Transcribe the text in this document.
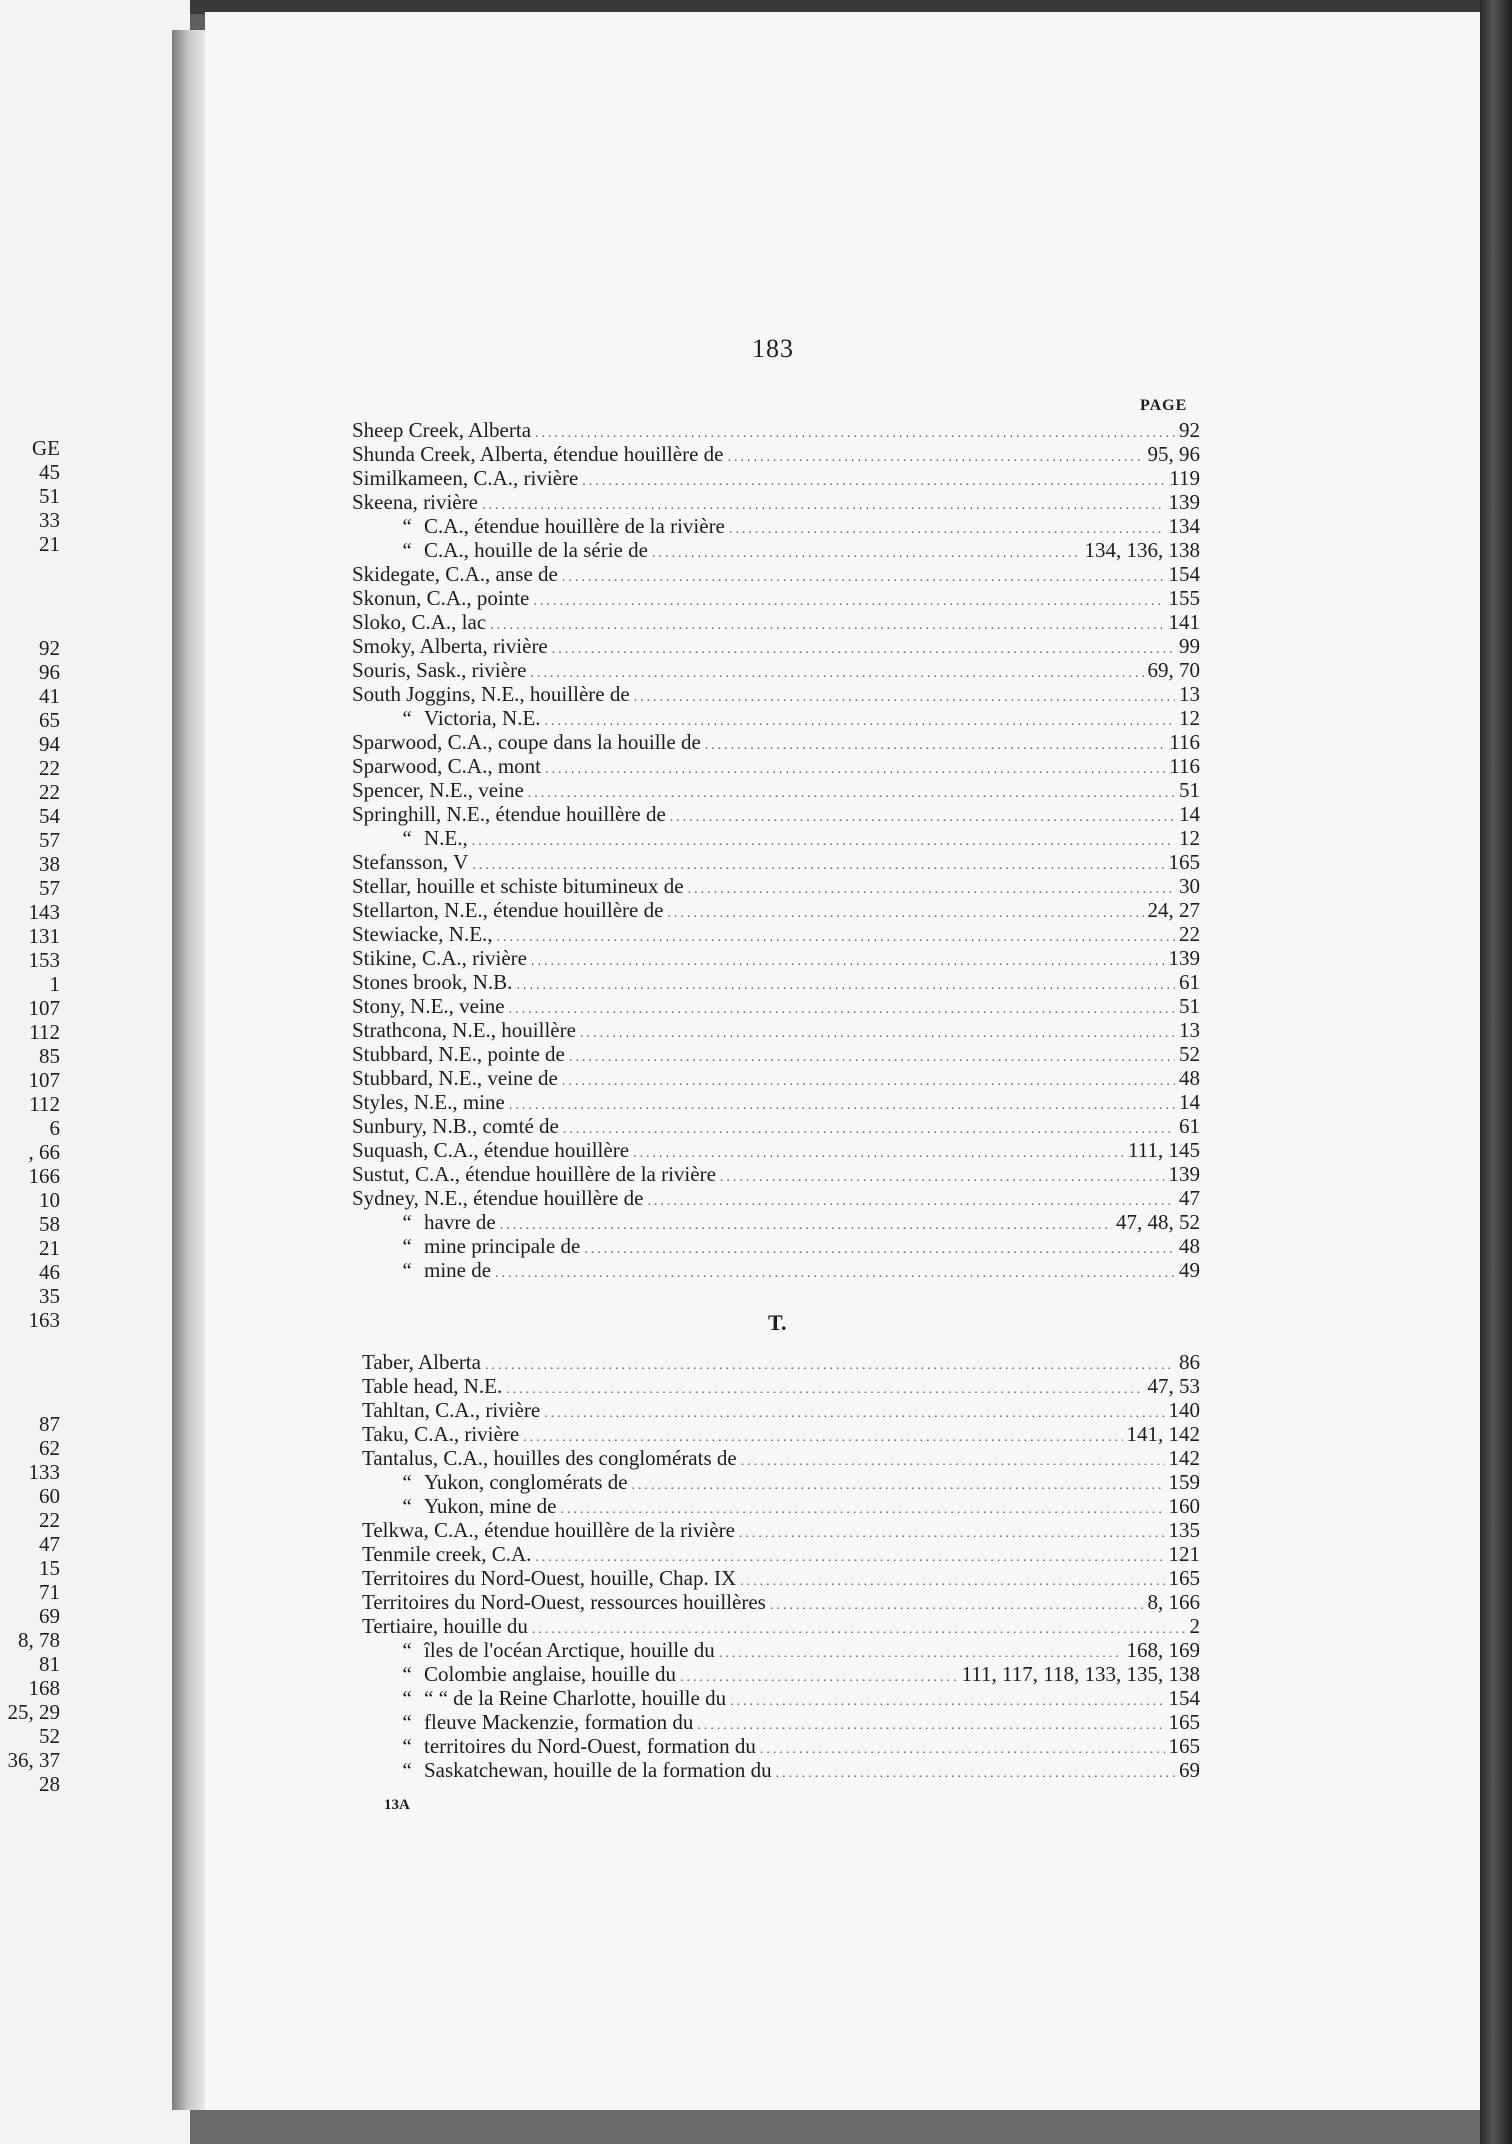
GE
45
51
33
21
92
96
41
65
94
22
22
54
57
38
57
143
131
153
1
107
112
85
107
112
6
, 66
166
10
58
21
46
35
163
87
62
133
60
22
47
15
71
69
8, 78
81
168
25, 29
52
36, 37
28
183
PAGE
Sheep Creek, Alberta .....	92
Shunda Creek, Alberta, étendue houillère de .....	95, 96
Similkameen, C.A., rivière .....	119
Skeena, rivière .....	139
“ C.A., étendue houillère de la rivière .....	134
“ C.A., houille de la série de .....	134, 136, 138
Skidegate, C.A., anse de .....	154
Skonun, C.A., pointe .....	155
Sloko, C.A., lac .....	141
Smoky, Alberta, rivière .....	99
Souris, Sask., rivière .....	69, 70
South Joggins, N.E., houillère de .....	13
“ Victoria, N.E. .....	12
Sparwood, C.A., coupe dans la houille de .....	116
Sparwood, C.A., mont .....	116
Spencer, N.E., veine .....	51
Springhill, N.E., étendue houillère de .....	14
“ N.E., .....	12
Stefansson, V .....	165
Stellar, houille et schiste bitumineux de .....	30
Stellarton, N.E., étendue houillère de .....	24, 27
Stewiacke, N.E., .....	22
Stikine, C.A., rivière .....	139
Stones brook, N.B. .....	61
Stony, N.E., veine .....	51
Strathcona, N.E., houillère .....	13
Stubbard, N.E., pointe de .....	52
Stubbard, N.E., veine de .....	48
Styles, N.E., mine .....	14
Sunbury, N.B., comté de .....	61
Suquash, C.A., étendue houillère .....	111, 145
Sustut, C.A., étendue houillère de la rivière .....	139
Sydney, N.E., étendue houillère de .....	47
“ havre de .....	47, 48, 52
“ mine principale de .....	48
“ mine de .....	49
T.
Taber, Alberta .....	86
Table head, N.E. .....	47, 53
Tahltan, C.A., rivière .....	140
Taku, C.A., rivière .....	141, 142
Tantalus, C.A., houilles des conglomérats de .....	142
“ Yukon, conglomérats de .....	159
“ Yukon, mine de .....	160
Telkwa, C.A., étendue houillère de la rivière .....	135
Tenmile creek, C.A. .....	121
Territoires du Nord-Ouest, houille, Chap. IX .....	165
Territoires du Nord-Ouest, ressources houillères .....	8, 166
Tertiaire, houille du .....	2
“ îles de l'océan Arctique, houille du .....	168, 169
“ Colombie anglaise, houille du .....	111, 117, 118, 133, 135, 138
“ “ “ de la Reine Charlotte, houille du .....	154
“ fleuve Mackenzie, formation du .....	165
“ territoires du Nord-Ouest, formation du .....	165
“ Saskatchewan, houille de la formation du .....	69
13A
